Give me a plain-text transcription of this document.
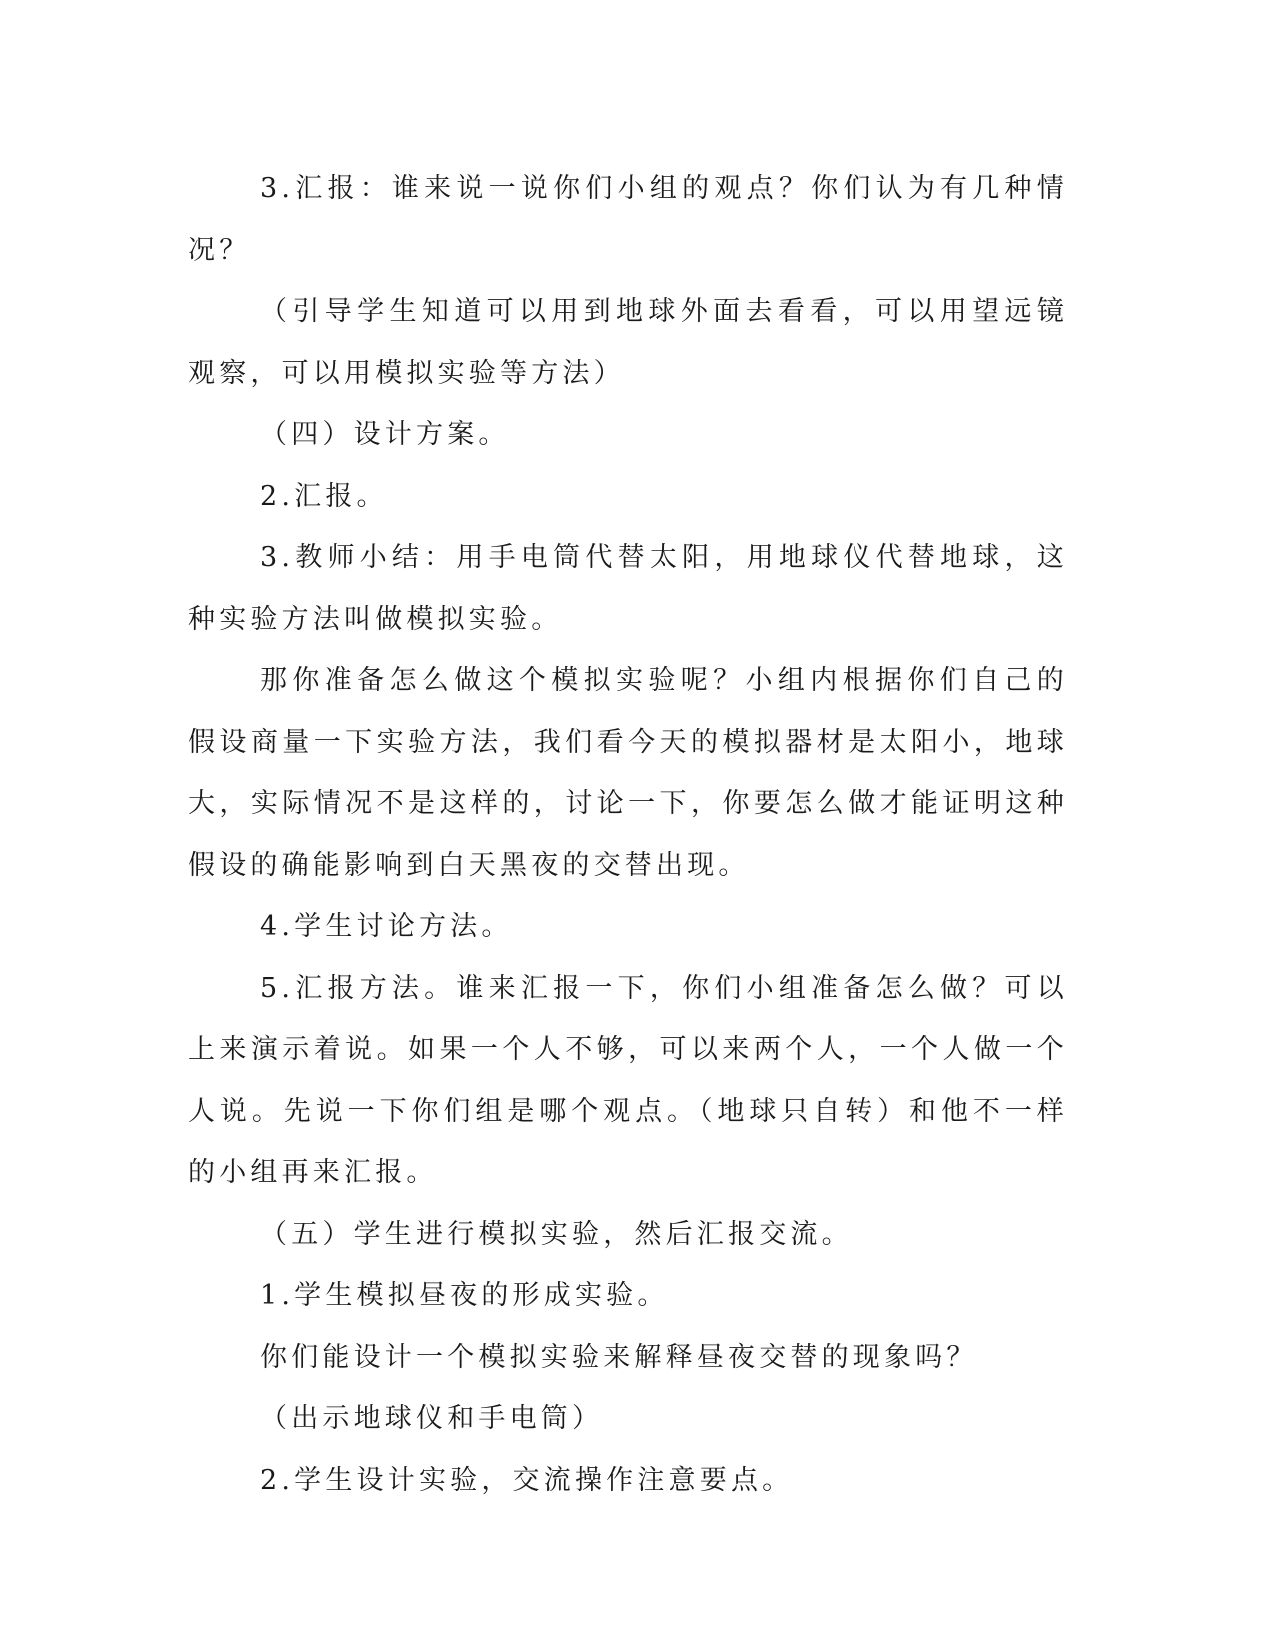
3.汇报：谁来说一说你们小组的观点？你们认为有几种情况？

（引导学生知道可以用到地球外面去看看，可以用望远镜观察，可以用模拟实验等方法）

（四）设计方案。

2.汇报。

3.教师小结：用手电筒代替太阳，用地球仪代替地球，这种实验方法叫做模拟实验。

那你准备怎么做这个模拟实验呢？小组内根据你们自己的假设商量一下实验方法，我们看今天的模拟器材是太阳小，地球大，实际情况不是这样的，讨论一下，你要怎么做才能证明这种假设的确能影响到白天黑夜的交替出现。

4.学生讨论方法。

5.汇报方法。谁来汇报一下，你们小组准备怎么做？可以上来演示着说。如果一个人不够，可以来两个人，一个人做一个人说。先说一下你们组是哪个观点。（地球只自转）和他不一样的小组再来汇报。

（五）学生进行模拟实验，然后汇报交流。

1.学生模拟昼夜的形成实验。

你们能设计一个模拟实验来解释昼夜交替的现象吗？

（出示地球仪和手电筒）

2.学生设计实验，交流操作注意要点。
